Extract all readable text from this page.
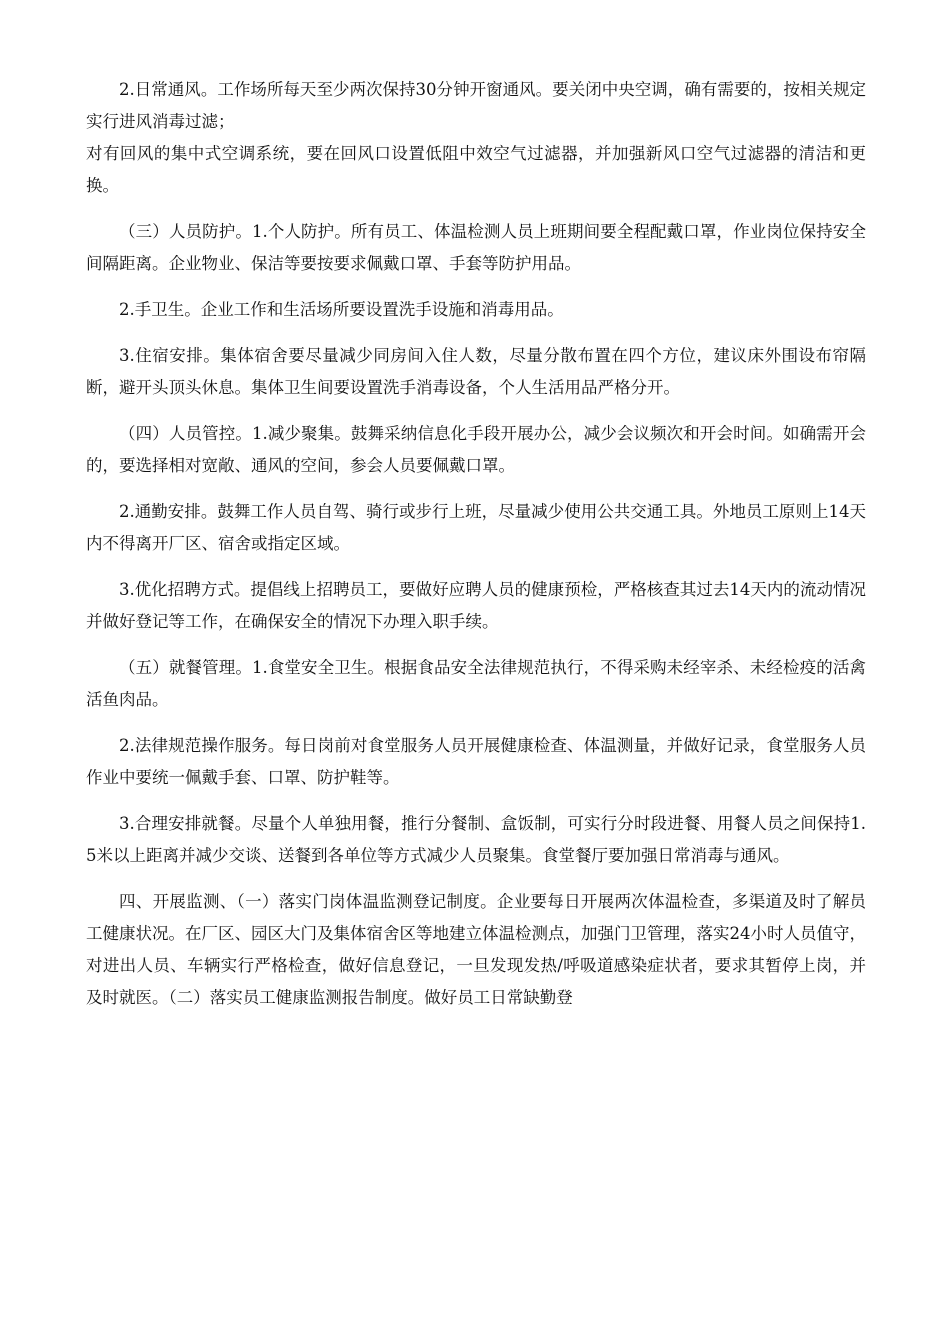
2.日常通风。工作场所每天至少两次保持30分钟开窗通风。要关闭中央空调，确有需要的，按相关规定实行进风消毒过滤；

对有回风的集中式空调系统，要在回风口设置低阻中效空气过滤器，并加强新风口空气过滤器的清洁和更换。

（三）人员防护。1.个人防护。所有员工、体温检测人员上班期间要全程配戴口罩，作业岗位保持安全间隔距离。企业物业、保洁等要按要求佩戴口罩、手套等防护用品。

2.手卫生。企业工作和生活场所要设置洗手设施和消毒用品。

3.住宿安排。集体宿舍要尽量减少同房间入住人数，尽量分散布置在四个方位，建议床外围设布帘隔断，避开头顶头休息。集体卫生间要设置洗手消毒设备，个人生活用品严格分开。

（四）人员管控。1.减少聚集。鼓舞采纳信息化手段开展办公，减少会议频次和开会时间。如确需开会的，要选择相对宽敞、通风的空间，参会人员要佩戴口罩。

2.通勤安排。鼓舞工作人员自驾、骑行或步行上班，尽量减少使用公共交通工具。外地员工原则上14天内不得离开厂区、宿舍或指定区域。

3.优化招聘方式。提倡线上招聘员工，要做好应聘人员的健康预检，严格核查其过去14天内的流动情况并做好登记等工作，在确保安全的情况下办理入职手续。

（五）就餐管理。1.食堂安全卫生。根据食品安全法律规范执行，不得采购未经宰杀、未经检疫的活禽活鱼肉品。

2.法律规范操作服务。每日岗前对食堂服务人员开展健康检查、体温测量，并做好记录，食堂服务人员作业中要统一佩戴手套、口罩、防护鞋等。

3.合理安排就餐。尽量个人单独用餐，推行分餐制、盒饭制，可实行分时段进餐、用餐人员之间保持1.5米以上距离并减少交谈、送餐到各单位等方式减少人员聚集。食堂餐厅要加强日常消毒与通风。

四、开展监测、（一）落实门岗体温监测登记制度。企业要每日开展两次体温检查，多渠道及时了解员工健康状况。在厂区、园区大门及集体宿舍区等地建立体温检测点，加强门卫管理，落实24小时人员值守，对进出人员、车辆实行严格检查，做好信息登记，一旦发现发热/呼吸道感染症状者，要求其暂停上岗，并及时就医。（二）落实员工健康监测报告制度。做好员工日常缺勤登
